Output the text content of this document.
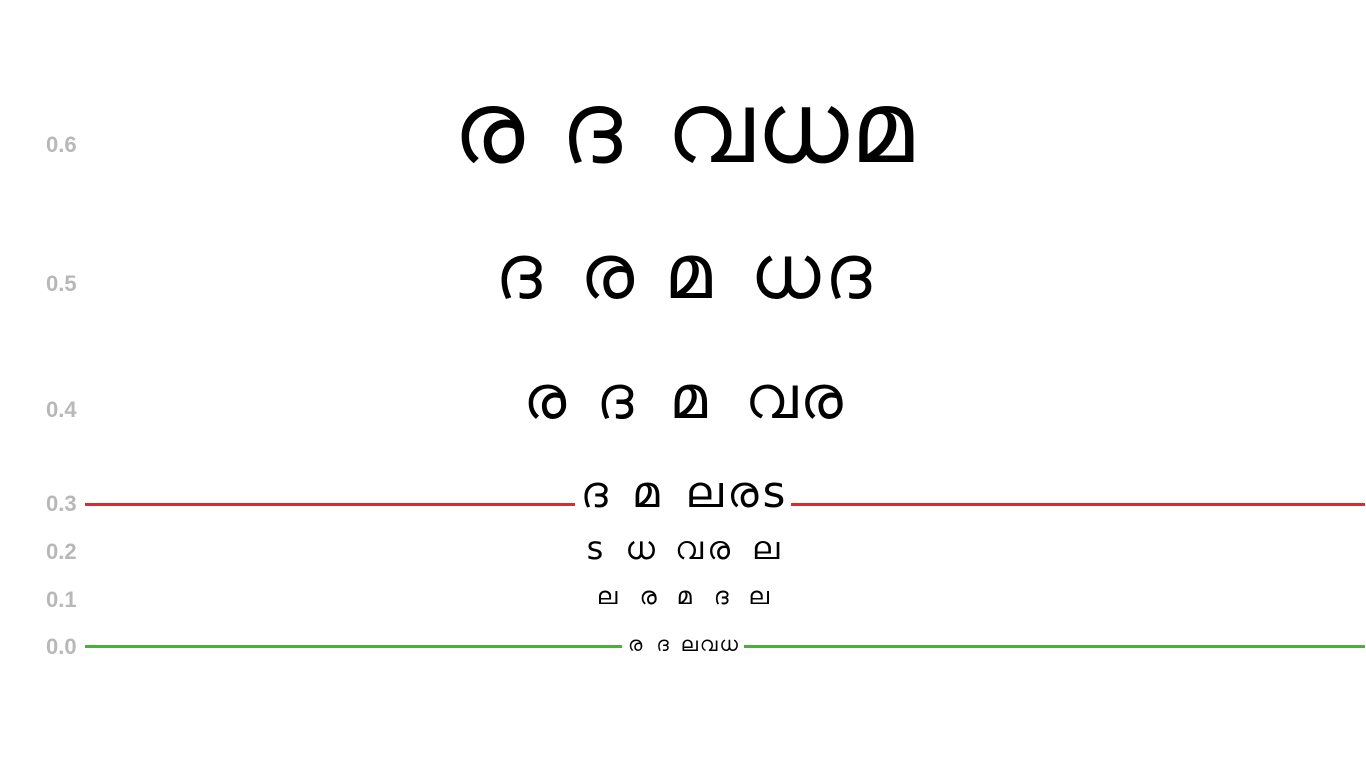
0.6
0.5
0.4
0.3
0.2
0.1
0.0
ര ദ വധമ
ദ ര മ ധദ
ര ദ മ വര
ദ മ ലരs
s ധ വ ര ല
ല ര മ ദ ല
ര ദ ല വ ധ
